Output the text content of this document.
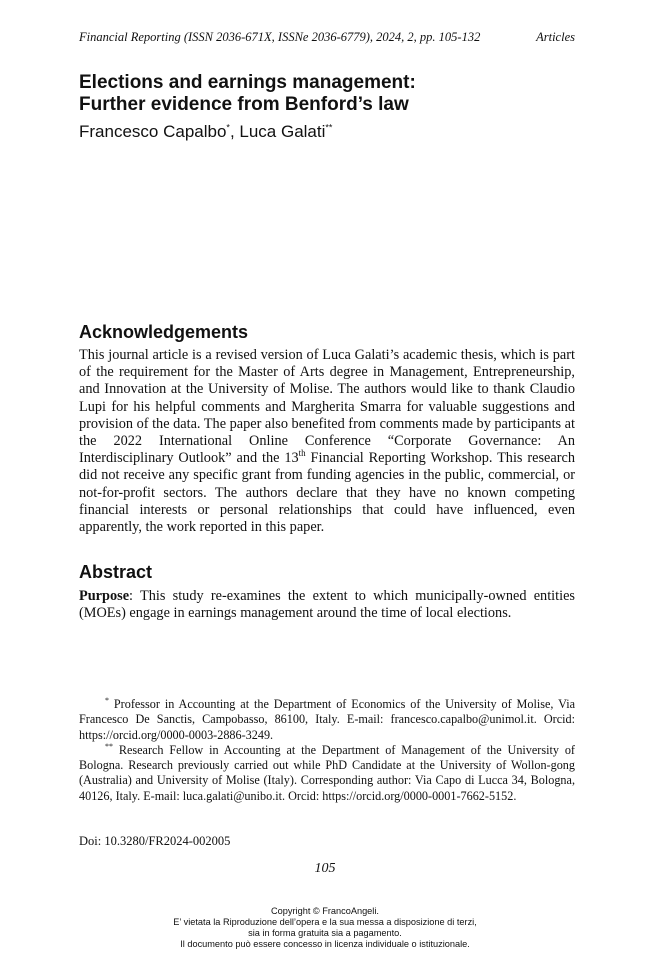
Financial Reporting (ISSN 2036-671X, ISSNe 2036-6779), 2024, 2, pp. 105-132	Articles
Elections and earnings management:
Further evidence from Benford’s law
Francesco Capalbo*, Luca Galati**
Acknowledgements

This journal article is a revised version of Luca Galati’s academic thesis, which is part of the requirement for the Master of Arts degree in Management, Entrepreneurship, and Innovation at the University of Molise. The authors would like to thank Claudio Lupi for his helpful comments and Margherita Smarra for valuable suggestions and provision of the data. The paper also benefited from comments made by participants at the 2022 International Online Conference “Corporate Governance: An Interdisciplinary Outlook” and the 13th Financial Reporting Workshop. This research did not receive any specific grant from funding agencies in the public, commercial, or not-for-profit sectors. The authors declare that they have no known competing financial interests or personal relationships that could have influenced, even apparently, the work reported in this paper.

Abstract

Purpose: This study re-examines the extent to which municipally-owned entities (MOEs) engage in earnings management around the time of local elections.

* Professor in Accounting at the Department of Economics of the University of Molise, Via Francesco De Sanctis, Campobasso, 86100, Italy. E-mail: francesco.capalbo@unimol.it. Orcid: https://orcid.org/0000-0003-2886-3249.
** Research Fellow in Accounting at the Department of Management of the University of Bologna. Research previously carried out while PhD Candidate at the University of Wollon-gong (Australia) and University of Molise (Italy). Corresponding author: Via Capo di Lucca 34, Bologna, 40126, Italy. E-mail: luca.galati@unibo.it. Orcid: https://orcid.org/0000-0001-7662-5152.
Doi: 10.3280/FR2024-002005
105
Copyright © FrancoAngeli.
E’ vietata la Riproduzione dell’opera e la sua messa a disposizione di terzi,
sia in forma gratuita sia a pagamento.
Il documento può essere concesso in licenza individuale o istituzionale.
